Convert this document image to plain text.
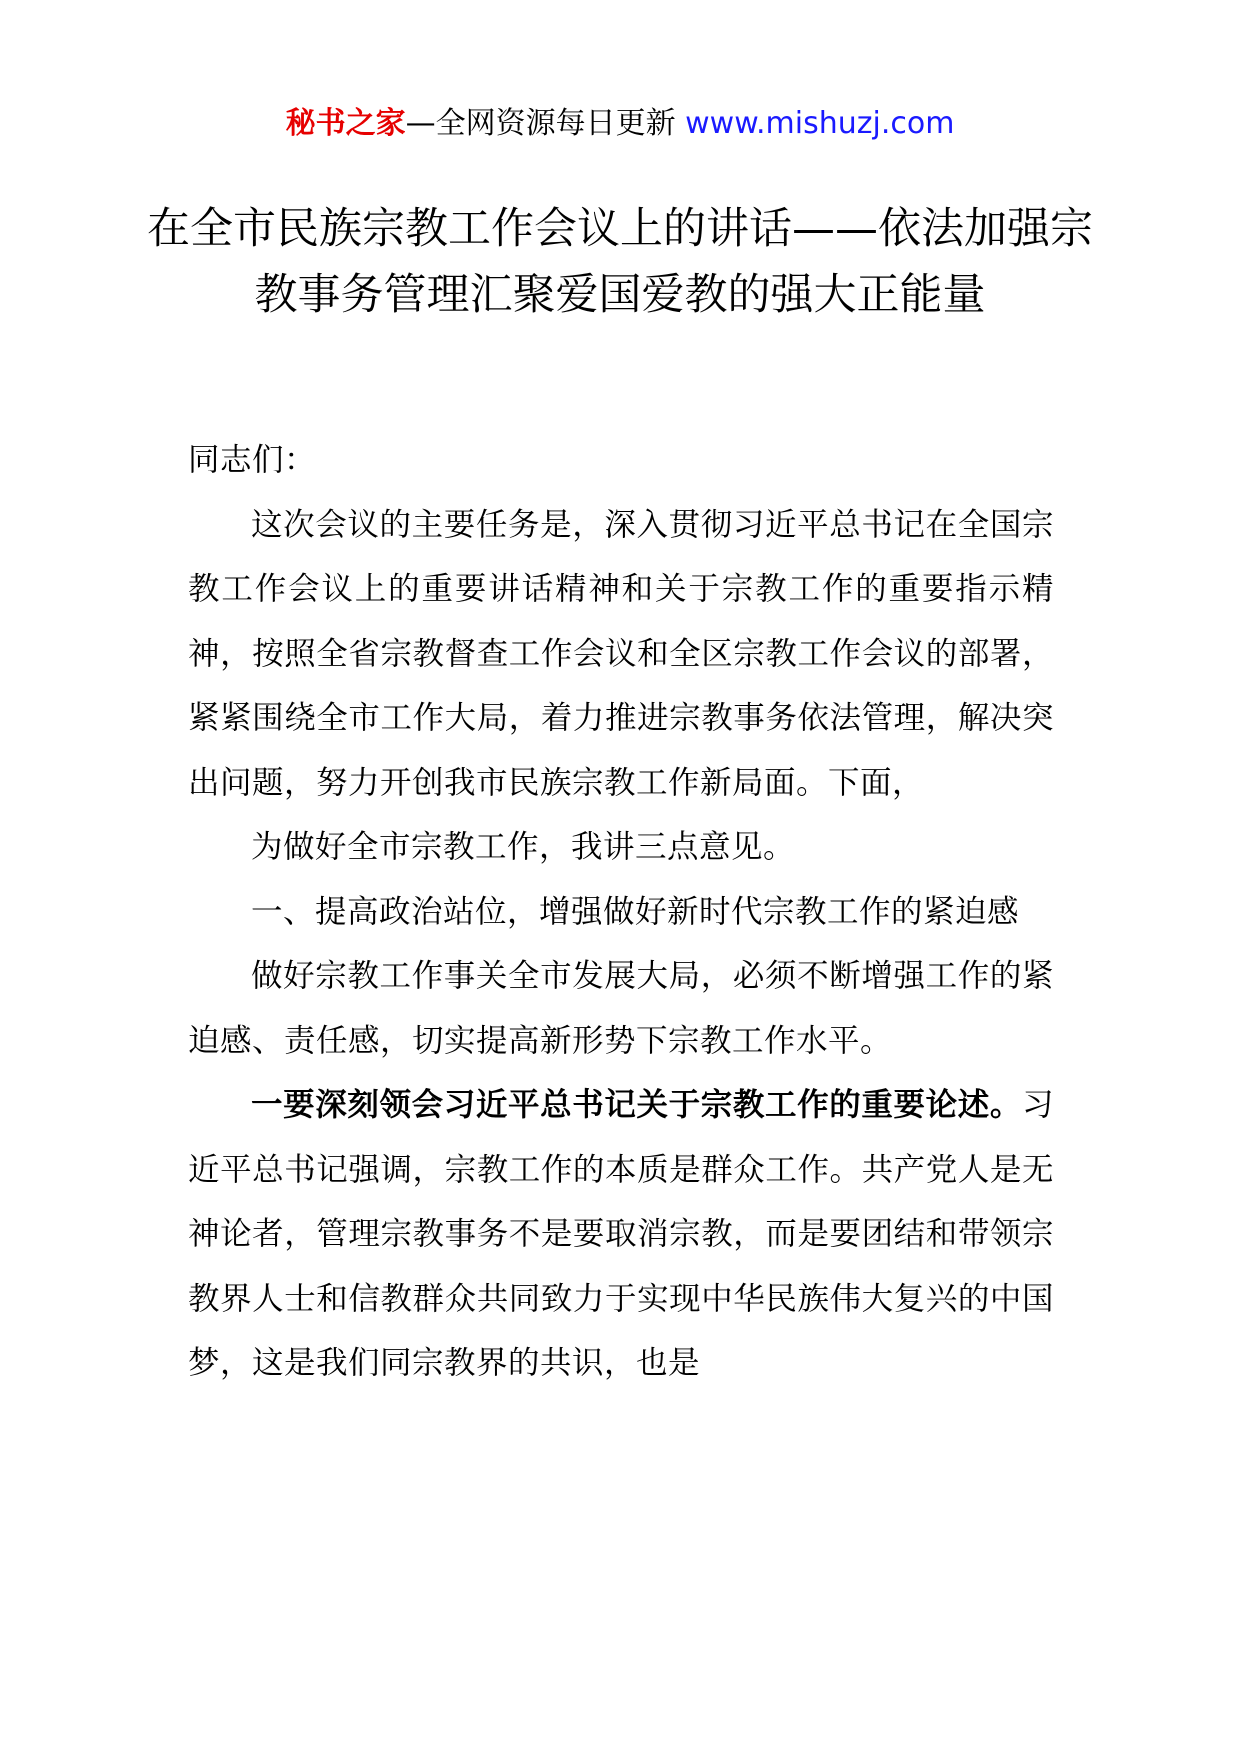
秘书之家—全网资源每日更新 www.mishuzj.com
在全市民族宗教工作会议上的讲话——依法加强宗教事务管理汇聚爱国爱教的强大正能量

同志们：

这次会议的主要任务是，深入贯彻习近平总书记在全国宗教工作会议上的重要讲话精神和关于宗教工作的重要指示精神，按照全省宗教督查工作会议和全区宗教工作会议的部署，紧紧围绕全市工作大局，着力推进宗教事务依法管理，解决突出问题，努力开创我市民族宗教工作新局面。下面，

为做好全市宗教工作，我讲三点意见。

一、提高政治站位，增强做好新时代宗教工作的紧迫感

做好宗教工作事关全市发展大局，必须不断增强工作的紧迫感、责任感，切实提高新形势下宗教工作水平。

一要深刻领会习近平总书记关于宗教工作的重要论述。习近平总书记强调，宗教工作的本质是群众工作。共产党人是无神论者，管理宗教事务不是要取消宗教，而是要团结和带领宗教界人士和信教群众共同致力于实现中华民族伟大复兴的中国梦，这是我们同宗教界的共识，也是
